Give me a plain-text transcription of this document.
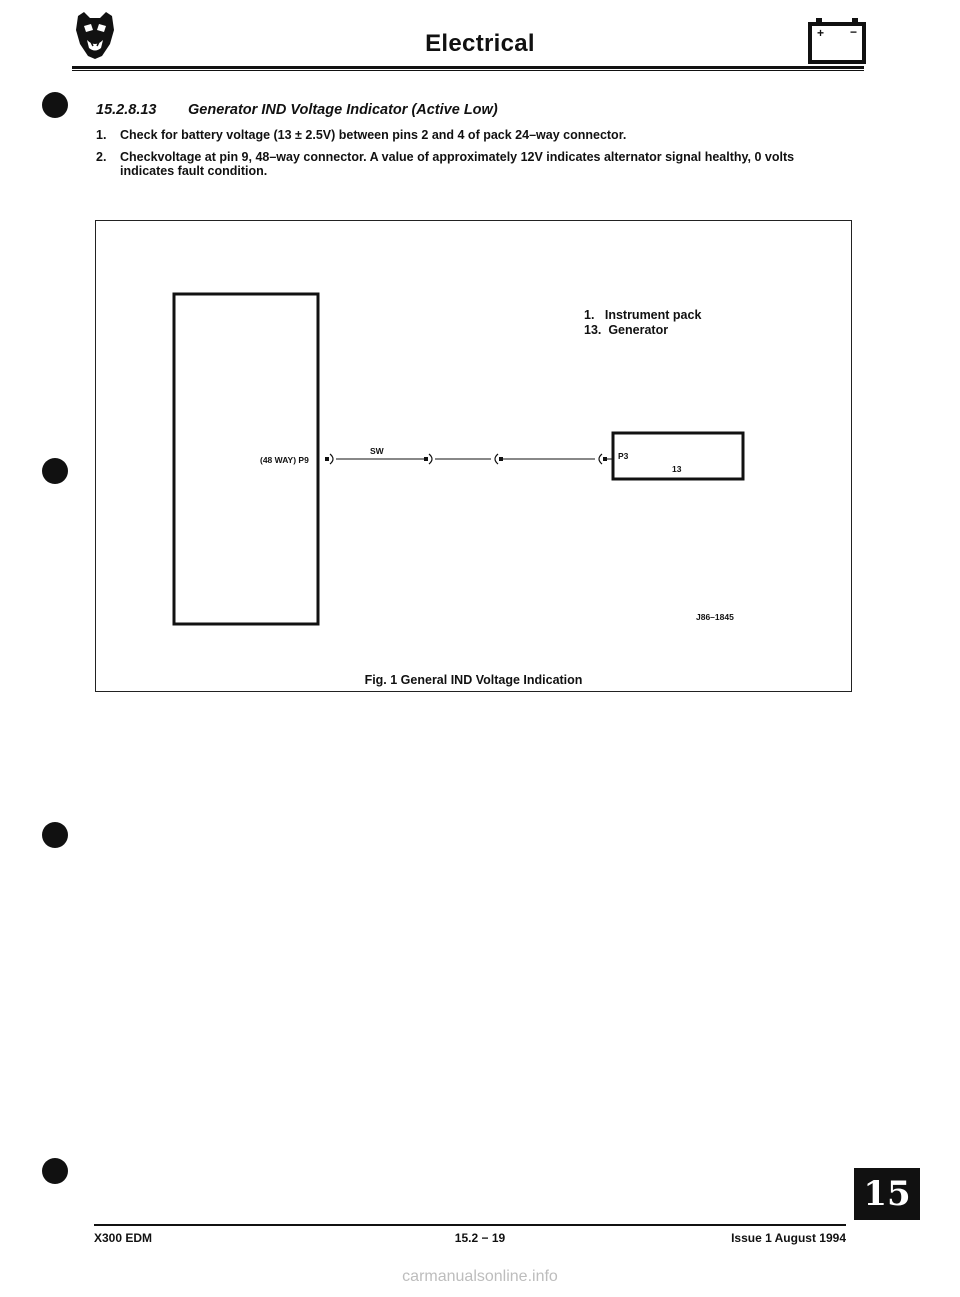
Electrical	+ −
15.2.8.13 Generator IND Voltage Indicator (Active Low)
1. Check for battery voltage (13 ± 2.5V) between pins 2 and 4 of pack 24–way connector.
2. Checkvoltage at pin 9, 48–way connector. A value of approximately 12V indicates alternator signal healthy, 0 volts
indicates fault condition.
(48 WAY) P9
SW	P3
13
1.   Instrument pack
13.  Generator
J86–1845
Fig. 1 General IND Voltage Indication
15
X300 EDM	15.2 − 19	Issue 1 August 1994
carmanualsonline.info
